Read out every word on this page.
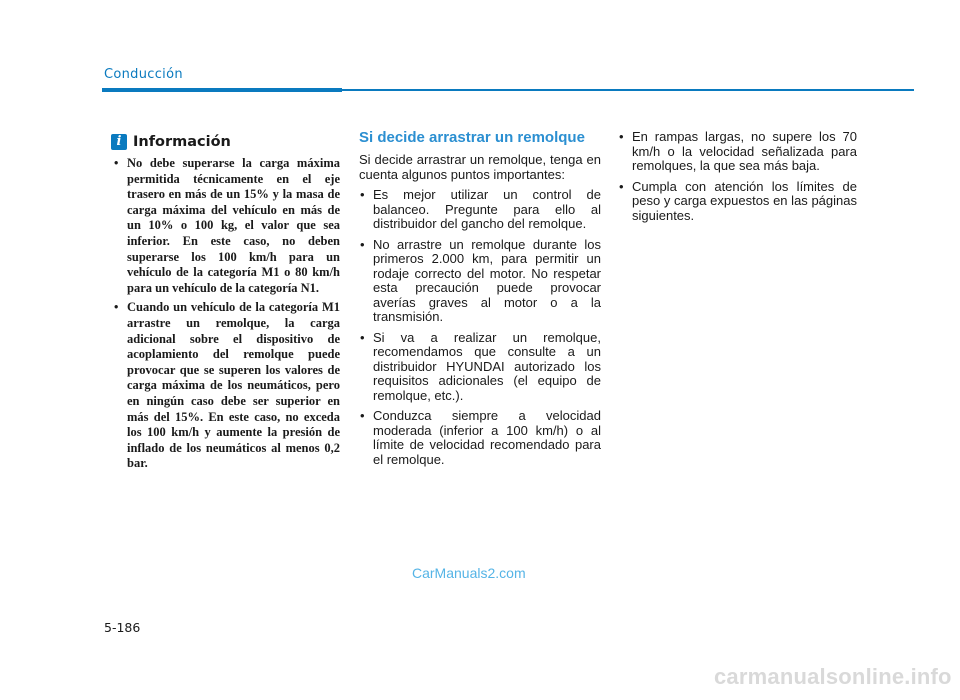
Conducción
i Información
• No debe superarse la carga máxima permitida técnicamente en el eje trasero en más de un 15% y la masa de carga máxima del vehículo en más de un 10% o 100 kg, el valor que sea inferior. En este caso, no deben superarse los 100 km/h para un vehículo de la categoría M1 o 80 km/h para un vehículo de la categoría N1.
• Cuando un vehículo de la categoría M1 arrastre un remolque, la carga adicional sobre el dispositivo de acoplamiento del remolque puede provocar que se superen los valores de carga máxima de los neumáticos, pero en ningún caso debe ser superior en más del 15%. En este caso, no exceda los 100 km/h y aumente la presión de inflado de los neumáticos al menos 0,2 bar.
Si decide arrastrar un remolque

Si decide arrastrar un remolque, tenga en cuenta algunos puntos importantes:

• Es mejor utilizar un control de balanceo. Pregunte para ello al distribuidor del gancho del remolque.
• No arrastre un remolque durante los primeros 2.000 km, para permitir un rodaje correcto del motor. No respetar esta precaución puede provocar averías graves al motor o a la transmisión.
• Si va a realizar un remolque, recomendamos que consulte a un distribuidor HYUNDAI autorizado los requisitos adicionales (el equipo de remolque, etc.).
• Conduzca siempre a velocidad moderada (inferior a 100 km/h) o al límite de velocidad recomendado para el remolque.
• En rampas largas, no supere los 70 km/h o la velocidad señalizada para remolques, la que sea más baja.
• Cumpla con atención los límites de peso y carga expuestos en las páginas siguientes.
CarManuals2.com
5-186
carmanualsonline.info
